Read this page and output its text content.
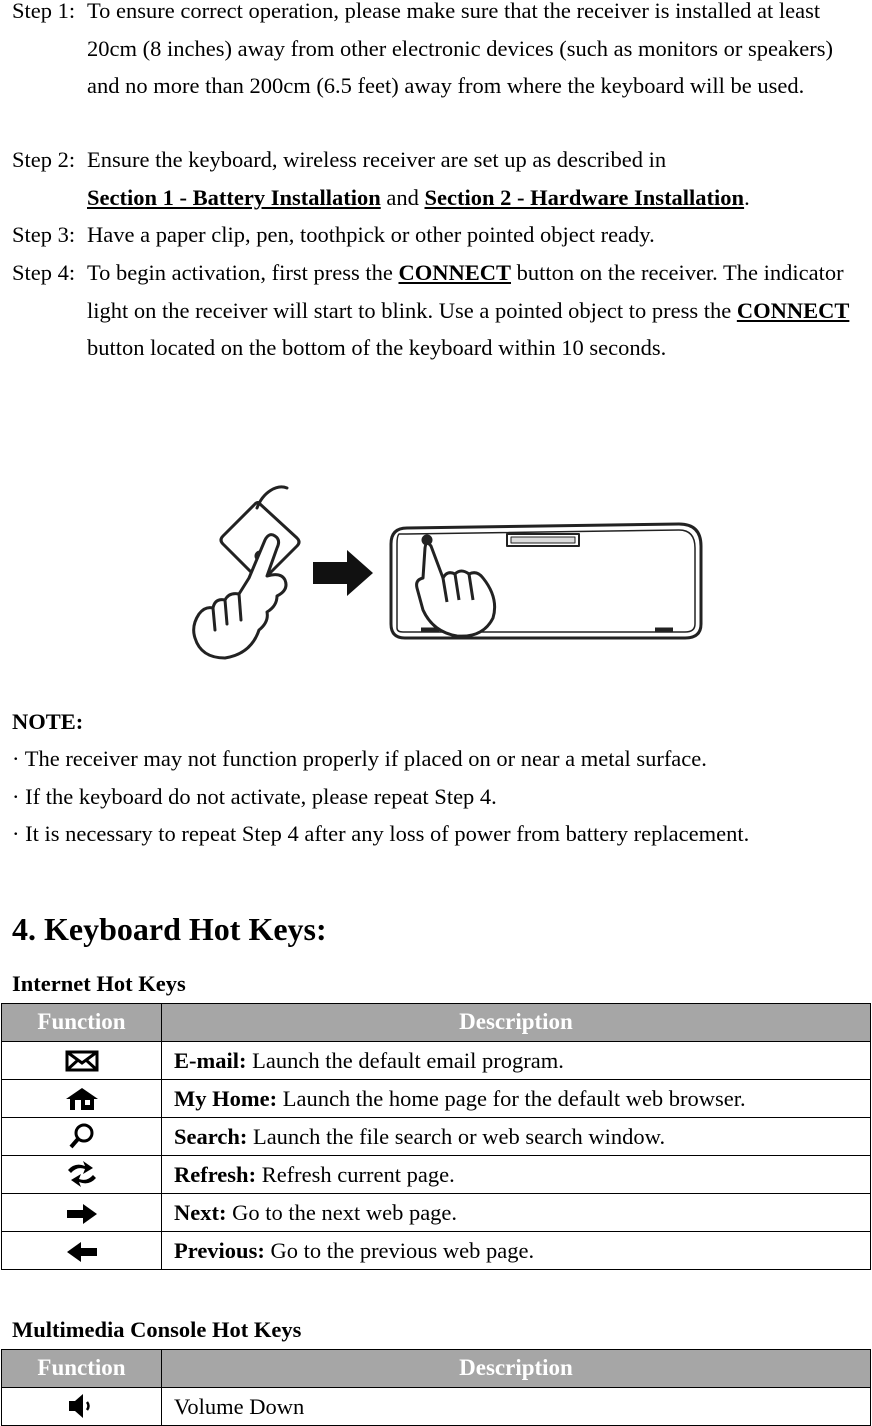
Step 1: To ensure correct operation, please make sure that the receiver is installed at least 20cm (8 inches) away from other electronic devices (such as monitors or speakers) and no more than 200cm (6.5 feet) away from where the keyboard will be used.
Step 2: Ensure the keyboard, wireless receiver are set up as described in
Section 1 - Battery Installation and Section 2 - Hardware Installation.
Step 3: Have a paper clip, pen, toothpick or other pointed object ready.
Step 4: To begin activation, first press the CONNECT button on the receiver. The indicator light on the receiver will start to blink. Use a pointed object to press the CONNECT button located on the bottom of the keyboard within 10 seconds.
NOTE:
· The receiver may not function properly if placed on or near a metal surface.
· If the keyboard do not activate, please repeat Step 4.
· It is necessary to repeat Step 4 after any loss of power from battery replacement.
4. Keyboard Hot Keys:
Internet Hot Keys
Function	Description

	E-mail: Launch the default email program.
	My Home: Launch the home page for the default web browser.
	Search: Launch the file search or web search window.
	Refresh: Refresh current page.
	Next: Go to the next web page.
	Previous: Go to the previous web page.
Multimedia Console Hot Keys
Function	Description

	Volume Down
